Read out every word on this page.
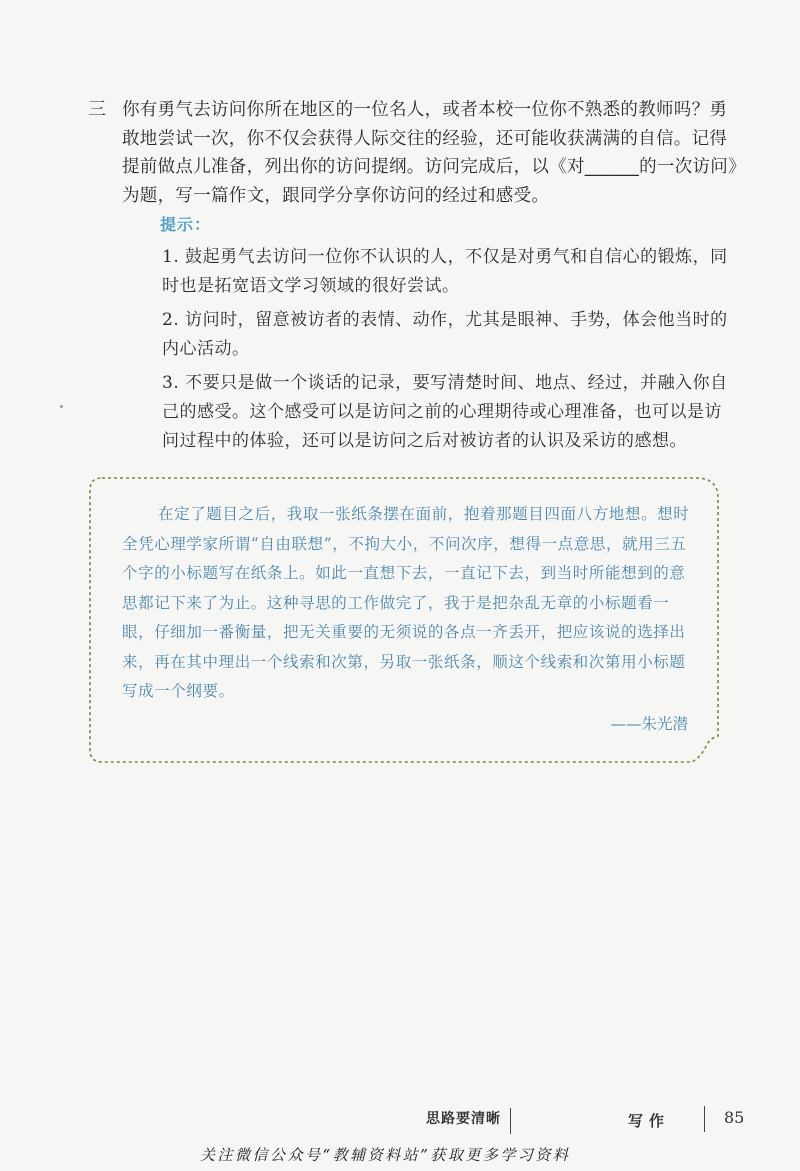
三 你有勇气去访问你所在地区的一位名人，或者本校一位你不熟悉的教师吗？勇敢地尝试一次，你不仅会获得人际交往的经验，还可能收获满满的自信。记得提前做点儿准备，列出你的访问提纲。访问完成后，以《对______的一次访问》为题，写一篇作文，跟同学分享你访问的经过和感受。
提示：
1. 鼓起勇气去访问一位你不认识的人，不仅是对勇气和自信心的锻炼，同时也是拓宽语文学习领域的很好尝试。
2. 访问时，留意被访者的表情、动作，尤其是眼神、手势，体会他当时的内心活动。
3. 不要只是做一个谈话的记录，要写清楚时间、地点、经过，并融入你自己的感受。这个感受可以是访问之前的心理期待或心理准备，也可以是访问过程中的体验，还可以是访问之后对被访者的认识及采访的感想。
在定了题目之后，我取一张纸条摆在面前，抱着那题目四面八方地想。想时全凭心理学家所谓“自由联想”，不拘大小，不问次序，想得一点意思，就用三五个字的小标题写在纸条上。如此一直想下去，一直记下去，到当时所能想到的意思都记下来了为止。这种寻思的工作做完了，我于是把杂乱无章的小标题看一眼，仔细加一番衡量，把无关重要的无须说的各点一齐丢开，把应该说的选择出来，再在其中理出一个线索和次第，另取一张纸条，顺这个线索和次第用小标题写成一个纲要。
——朱光潜
思路要清晰	写作	85
关注微信公众号“教辅资料站”获取更多学习资料
